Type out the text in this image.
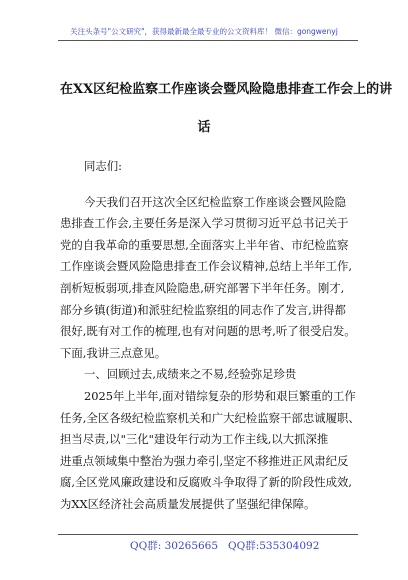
关注头条号"公文研究"，获得最新最全最专业的公文资料库！ 微信：gongwenyj
在XX区纪检监察工作座谈会暨风险隐患排查工作会上的讲
话
同志们:
今天我们召开这次全区纪检监察工作座谈会暨风险隐
患排查工作会,主要任务是深入学习贯彻习近平总书记关于
党的自我革命的重要思想,全面落实上半年省、市纪检监察
工作座谈会暨风险隐患排查工作会议精神,总结上半年工作,
剖析短板弱项,排查风险隐患,研究部署下半年任务。刚才,
部分乡镇(街道)和派驻纪检监察组的同志作了发言,讲得都
很好,既有对工作的梳理,也有对问题的思考,听了很受启发。
下面,我讲三点意见。
一、回顾过去,成绩来之不易,经验弥足珍贵
2025年上半年,面对错综复杂的形势和艰巨繁重的工作
任务,全区各级纪检监察机关和广大纪检监察干部忠诚履职、
担当尽责,以"三化"建设年行动为工作主线,以大抓深推
进重点领域集中整治为强力牵引,坚定不移推进正风肃纪反
腐,全区党风廉政建设和反腐败斗争取得了新的阶段性成效,
为XX区经济社会高质量发展提供了坚强纪律保障。
QQ群: 30265665 QQ群:535304092
